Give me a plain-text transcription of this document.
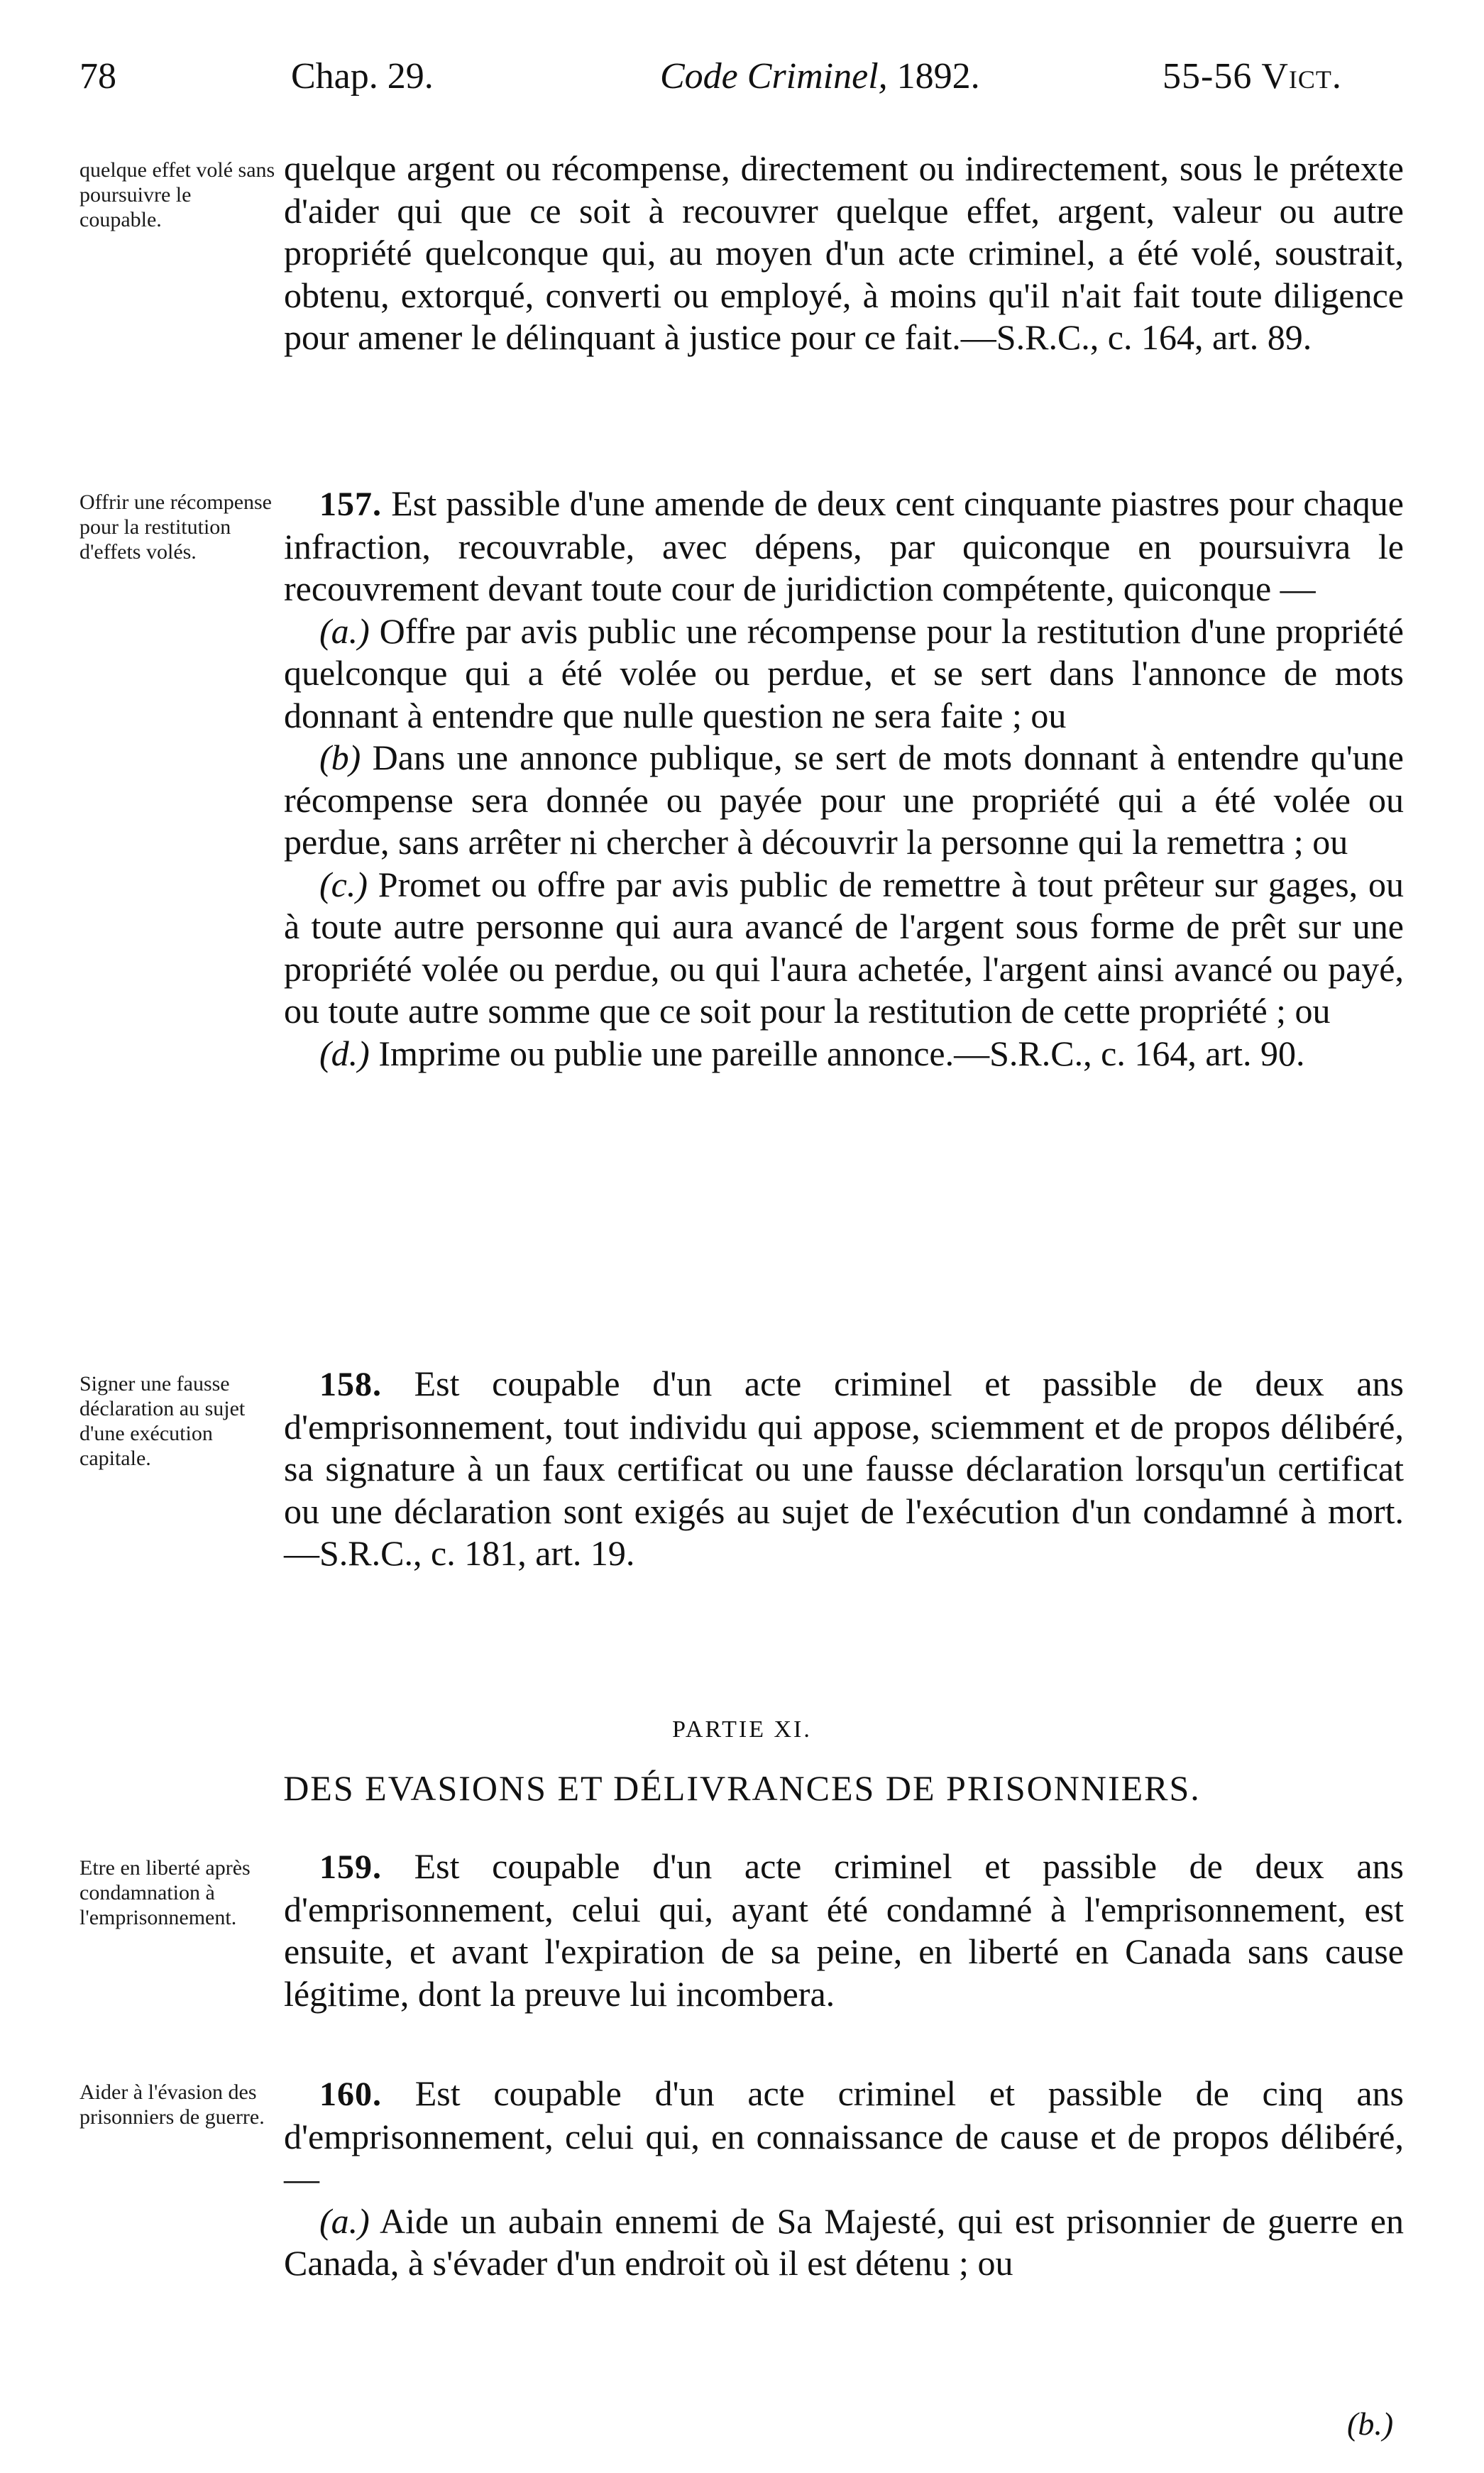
78	Chap. 29.	Code Criminel, 1892.	55-56 Vict.
quelque effet volé sans poursuivre le coupable.
Offrir une récompense pour la restitution d'effets volés.
Signer une fausse déclaration au sujet d'une exécution capitale.
Etre en liberté après condamnation à l'emprisonnement.
Aider à l'évasion des prisonniers de guerre.

quelque argent ou récompense, directement ou indirectement, sous le prétexte d'aider qui que ce soit à recouvrer quelque effet, argent, valeur ou autre propriété quelconque qui, au moyen d'un acte criminel, a été volé, soustrait, obtenu, extorqué, converti ou employé, à moins qu'il n'ait fait toute diligence pour amener le délinquant à justice pour ce fait.—S.R.C., c. 164, art. 89.

157. Est passible d'une amende de deux cent cinquante piastres pour chaque infraction, recouvrable, avec dépens, par quiconque en poursuivra le recouvrement devant toute cour de juridiction compétente, quiconque —

(a.) Offre par avis public une récompense pour la restitution d'une propriété quelconque qui a été volée ou perdue, et se sert dans l'annonce de mots donnant à entendre que nulle question ne sera faite ; ou

(b) Dans une annonce publique, se sert de mots donnant à entendre qu'une récompense sera donnée ou payée pour une propriété qui a été volée ou perdue, sans arrêter ni chercher à découvrir la personne qui la remettra ; ou

(c.) Promet ou offre par avis public de remettre à tout prêteur sur gages, ou à toute autre personne qui aura avancé de l'argent sous forme de prêt sur une propriété volée ou perdue, ou qui l'aura achetée, l'argent ainsi avancé ou payé, ou toute autre somme que ce soit pour la restitution de cette propriété ; ou

(d.) Imprime ou publie une pareille annonce.—S.R.C., c. 164, art. 90.

158. Est coupable d'un acte criminel et passible de deux ans d'emprisonnement, tout individu qui appose, sciemment et de propos délibéré, sa signature à un faux certificat ou une fausse déclaration lorsqu'un certificat ou une déclaration sont exigés au sujet de l'exécution d'un condamné à mort.—S.R.C., c. 181, art. 19.

PARTIE XI.
DES EVASIONS ET DÉLIVRANCES DE PRISONNIERS.

159. Est coupable d'un acte criminel et passible de deux ans d'emprisonnement, celui qui, ayant été condamné à l'emprisonnement, est ensuite, et avant l'expiration de sa peine, en liberté en Canada sans cause légitime, dont la preuve lui incombera.

160. Est coupable d'un acte criminel et passible de cinq ans d'emprisonnement, celui qui, en connaissance de cause et de propos délibéré,—

(a.) Aide un aubain ennemi de Sa Majesté, qui est prisonnier de guerre en Canada, à s'évader d'un endroit où il est détenu ; ou

(b.)
